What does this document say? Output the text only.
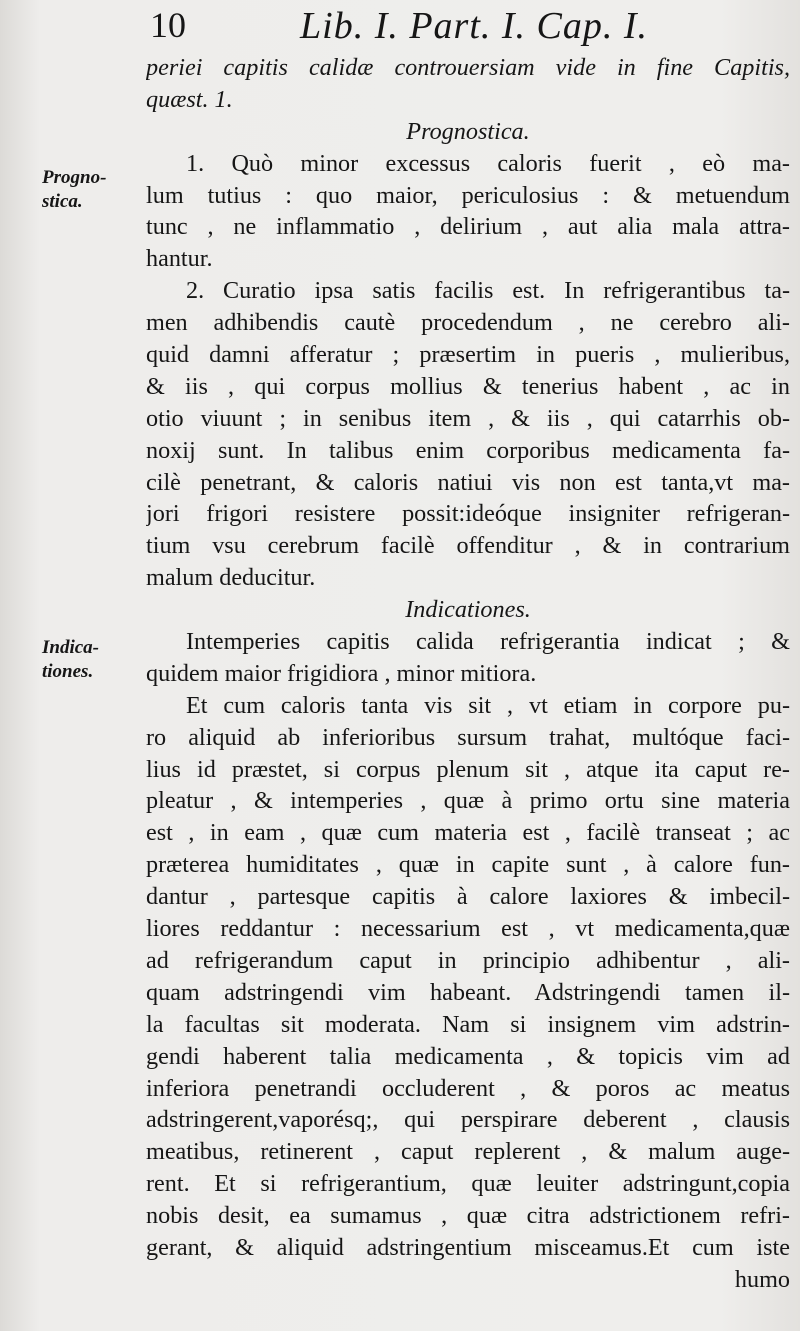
10	Lib. I. Part. I. Cap. I.
Progno-
stica.
Indica-
tiones.
periei capitis calidæ controuersiam vide in fine Capitis,
quæst. 1.
Prognostica.
1. Quò minor excessus caloris fuerit , eò ma-
lum tutius : quo maior, periculosius : & metuendum
tunc , ne inflammatio , delirium , aut alia mala attra-
hantur.
2. Curatio ipsa satis facilis est. In refrigerantibus ta-
men adhibendis cautè procedendum , ne cerebro ali-
quid damni afferatur ; præsertim in pueris , mulieribus,
& iis , qui corpus mollius & tenerius habent , ac in
otio viuunt ; in senibus item , & iis , qui catarrhis ob-
noxij sunt. In talibus enim corporibus medicamenta fa-
cilè penetrant, & caloris natiui vis non est tanta,vt ma-
jori frigori resistere possit:ideóque insigniter refrigeran-
tium vsu cerebrum facilè offenditur , & in contrarium
malum deducitur.
Indicationes.
Intemperies capitis calida refrigerantia indicat ; &
quidem maior frigidiora , minor mitiora.
Et cum caloris tanta vis sit , vt etiam in corpore pu-
ro aliquid ab inferioribus sursum trahat, multóque faci-
lius id præstet, si corpus plenum sit , atque ita caput re-
pleatur , & intemperies , quæ à primo ortu sine materia
est , in eam , quæ cum materia est , facilè transeat ; ac
præterea humiditates , quæ in capite sunt , à calore fun-
dantur , partesque capitis à calore laxiores & imbecil-
liores reddantur : necessarium est , vt medicamenta,quæ
ad refrigerandum caput in principio adhibentur , ali-
quam adstringendi vim habeant. Adstringendi tamen il-
la facultas sit moderata. Nam si insignem vim adstrin-
gendi haberent talia medicamenta , & topicis vim ad
inferiora penetrandi occluderent , & poros ac meatus
adstringerent,vaporésq;, qui perspirare deberent , clausis
meatibus, retinerent , caput replerent , & malum auge-
rent. Et si refrigerantium, quæ leuiter adstringunt,copia
nobis desit, ea sumamus , quæ citra adstrictionem refri-
gerant, & aliquid adstringentium misceamus.Et cum iste
humo
